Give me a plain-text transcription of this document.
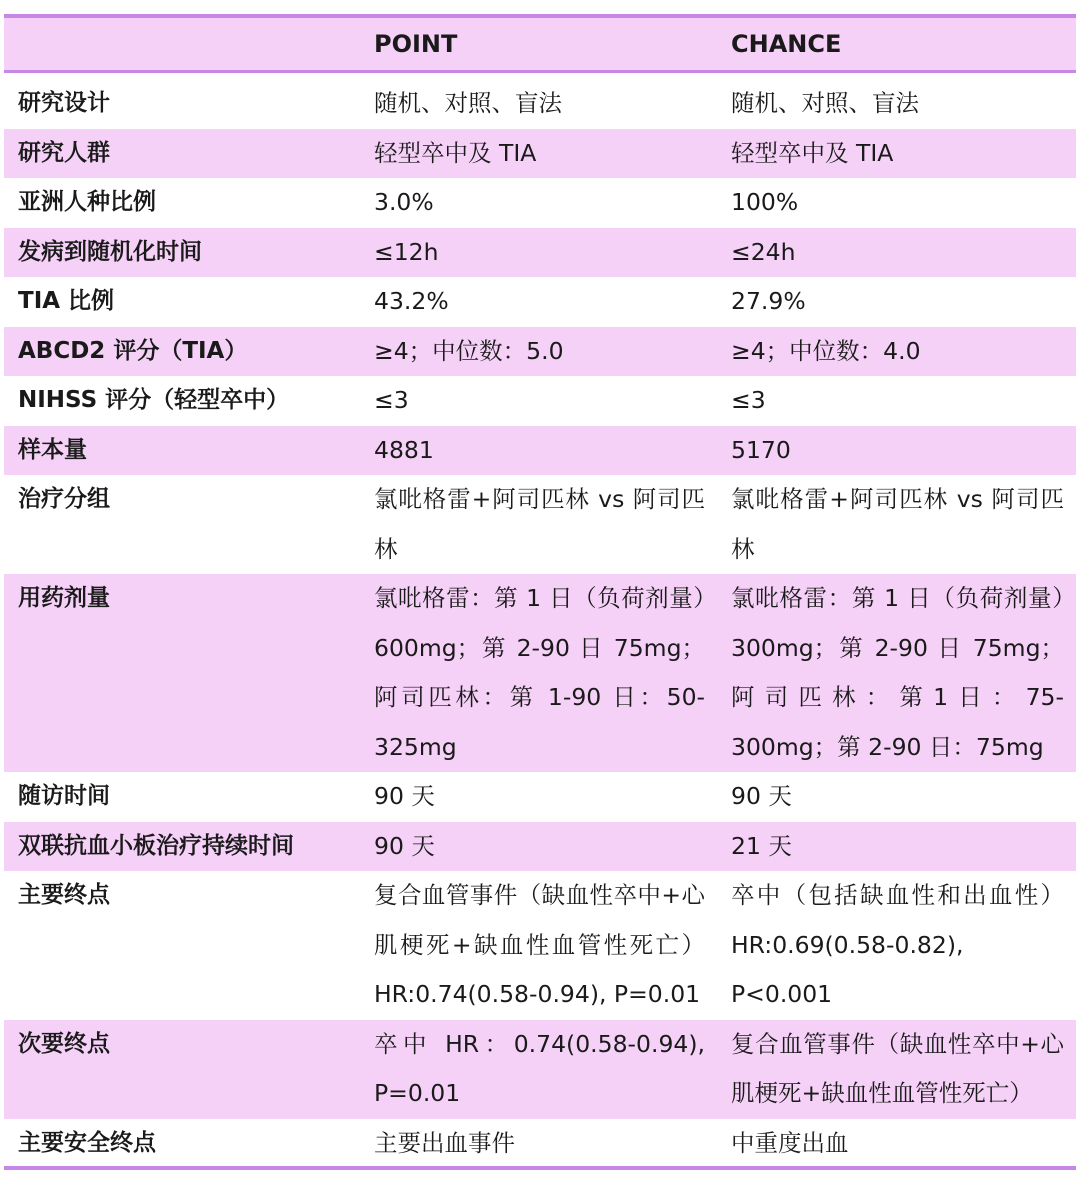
	POINT	CHANCE
研究设计	随机、对照、盲法	随机、对照、盲法
研究人群	轻型卒中及 TIA	轻型卒中及 TIA
亚洲人种比例	3.0%	100%
发病到随机化时间	≤12h	≤24h
TIA 比例	43.2%	27.9%
ABCD2 评分（TIA）	≥4；中位数：5.0	≥4；中位数：4.0
NIHSS 评分（轻型卒中）	≤3	≤3
样本量	4881	5170
治疗分组	氯吡格雷+阿司匹林 vs 阿司匹林	氯吡格雷+阿司匹林 vs 阿司匹林
用药剂量	氯吡格雷：第 1 日（负荷剂量）600mg；第 2-90 日 75mg；阿司匹林：第 1-90 日：50-325mg	氯吡格雷：第 1 日（负荷剂量）300mg；第 2-90 日 75mg；阿司匹林：第1日：75-300mg；第 2-90 日：75mg
随访时间	90 天	90 天
双联抗血小板治疗持续时间	90 天	21 天
主要终点	复合血管事件（缺血性卒中+心肌梗死+缺血性血管性死亡）HR:0.74(0.58-0.94), P=0.01	卒中（包括缺血性和出血性）HR:0.69(0.58-0.82), P<0.001
次要终点	卒中 HR：0.74(0.58-0.94), P=0.01	复合血管事件（缺血性卒中+心肌梗死+缺血性血管性死亡）
主要安全终点	主要出血事件	中重度出血
